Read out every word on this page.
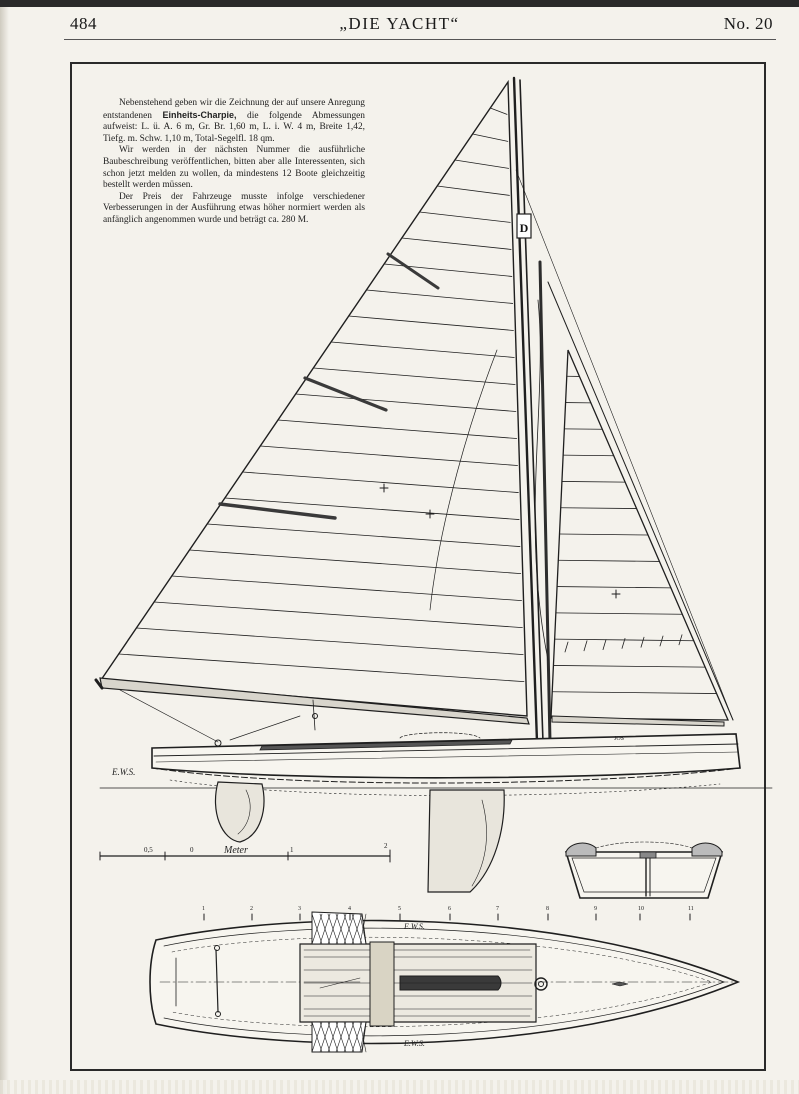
484	„DIE YACHT“	No. 20

Nebenstehend geben wir die Zeichnung der auf unsere Anregung entstandenen Einheits-Charpie, die folgende Abmessungen aufweist: L. ü. A. 6 m, Gr. Br. 1,60 m, L. i. W. 4 m, Breite 1,42, Tiefg. m. Schw. 1,10 m, Total-Segelfl. 18 qm.

Wir werden in der nächsten Nummer die ausführliche Baubeschreibung veröffentlichen, bitten aber alle Interessenten, sich schon jetzt melden zu wollen, da mindestens 12 Boote gleichzeitig bestellt werden müssen.

Der Preis der Fahrzeuge musste infolge verschiedener Verbesserungen in der Ausführung etwas höher normiert werden als anfänglich angenommen wurde und beträgt ca. 280 M.

D
JOS
0,5	0	1	2
Meter
E.W.S.
1	2	3	4	5	6	7	8	9	10	11
E.W.S.
E.W.S.
